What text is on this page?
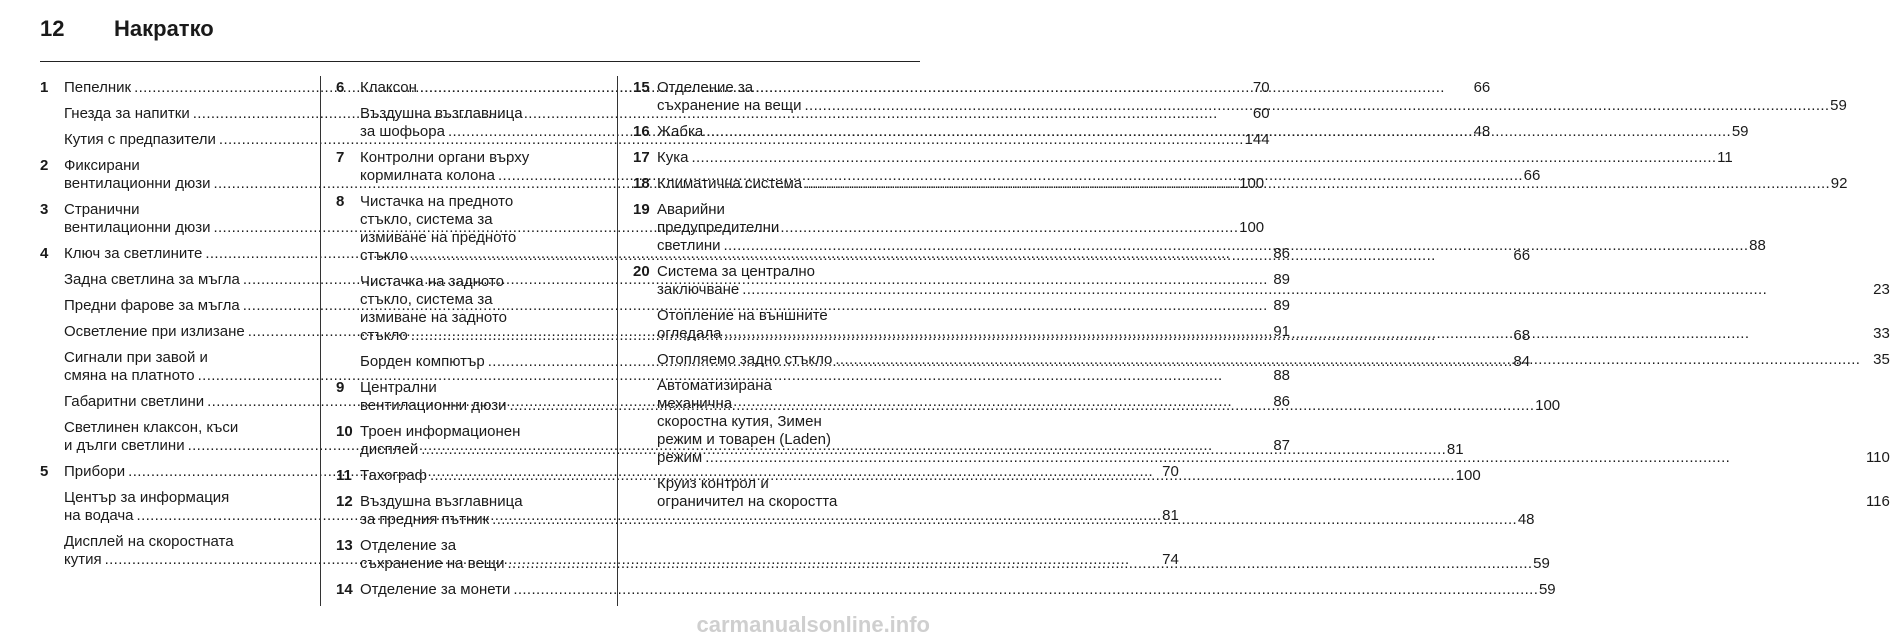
12 Накратко
1	Пепелник . . .	70
Гнезда за напитки . . .	60
Кутия с предпазители . . .	144
2	Фиксирани
вентилационни дюзи . . .	100
3	Странични
вентилационни дюзи . . .	100
4	Ключ за светлините . . .	86
Задна светлина за мъгла . . .	89
Предни фарове за мъгла . . .	89
Осветление при излизане . . .	91
Сигнали при завой и
смяна на платното . . .	88
Габаритни светлини . . .	86
Светлинен клаксон, къси
и дълги светлини . . .	87
5	Прибори . . .	70
Център за информация
на водача . . .	81
Дисплей на скоростната
кутия . . .	74
6	Клаксон . . .	66
Въздушна възглавница
за шофьора . . .	48
7	Контролни органи върху
кормилната колона . . .	66
8	Чистачка на предното
стъкло, система за
измиване на предното
стъкло . . .	66
Чистачка на задното
стъкло, система за
измиване на задното
стъкло . . .	68
Борден компютър . . .	84
9	Централни
вентилационни дюзи . . .	100
10 Троен информационен
дисплей . . .	81
11 Тахограф . . .	100
12 Въздушна възглавница
за предния пътник . . .	48
13 Отделение за
съхранение на вещи . . .	59
14 Отделение за монети . . .	59
15 Отделение за
съхранение на вещи . . .	59
16 Жабка . . .	59
17 Кука . . .	11
18 Климатична система . . .	92
19 Аварийни
предупредителни
светлини . . .	88
20 Система за централно
заключване . . .	23
Отопление на външните
огледала . . .	33
Отопляемо задно стъкло . . .	35
Автоматизирана
механична
скоростна кутия, Зимен
режим и товарен (Laden)
режим . . .	110
Круиз контрол и
ограничител на скоростта	116
carmanualsonline.info
